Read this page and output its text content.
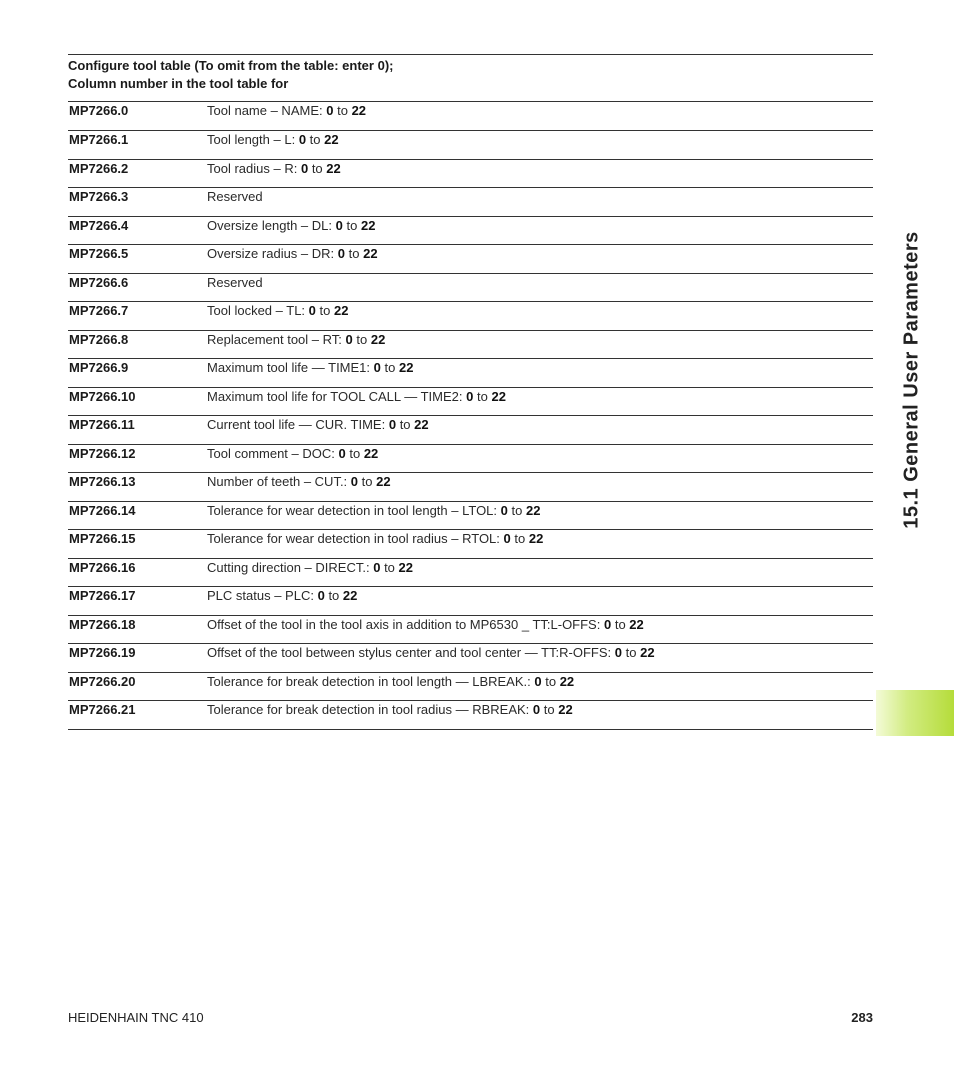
Configure tool table (To omit from the table: enter 0);

Column number in the tool table for

MP7266.0	Tool name – NAME: 0 to 22
MP7266.1	Tool length – L: 0 to 22
MP7266.2	Tool radius – R: 0 to 22
MP7266.3	Reserved
MP7266.4	Oversize length – DL: 0 to 22
MP7266.5	Oversize radius – DR: 0 to 22
MP7266.6	Reserved
MP7266.7	Tool locked – TL: 0 to 22
MP7266.8	Replacement tool – RT: 0 to 22
MP7266.9	Maximum tool life — TIME1: 0 to 22
MP7266.10	Maximum tool life for TOOL CALL — TIME2: 0 to 22
MP7266.11	Current tool life — CUR. TIME: 0 to 22
MP7266.12	Tool comment – DOC: 0 to 22
MP7266.13	Number of teeth – CUT.: 0 to 22
MP7266.14	Tolerance for wear detection in tool length – LTOL: 0 to 22
MP7266.15	Tolerance for wear detection in tool radius – RTOL: 0 to 22
MP7266.16	Cutting direction – DIRECT.: 0 to 22
MP7266.17	PLC status – PLC: 0 to 22
MP7266.18	Offset of the tool in the tool axis in addition to MP6530 _ TT:L-OFFS: 0 to 22
MP7266.19	Offset of the tool between stylus center and tool center — TT:R-OFFS: 0 to 22
MP7266.20	Tolerance for break detection in tool length — LBREAK.: 0 to 22
MP7266.21	Tolerance for break detection in tool radius — RBREAK: 0 to 22
15.1 General User Parameters
HEIDENHAIN TNC 410	283
